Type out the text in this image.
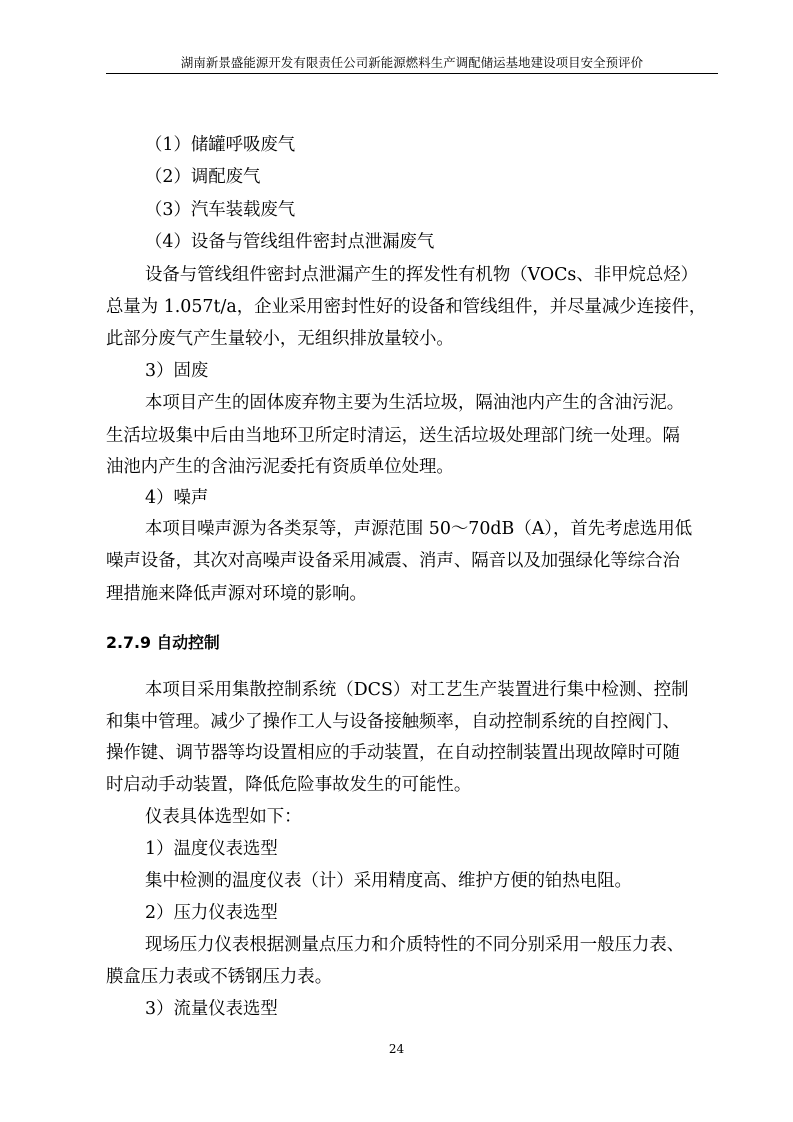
湖南新景盛能源开发有限责任公司新能源燃料生产调配储运基地建设项目安全预评价
（1）储罐呼吸废气
（2）调配废气
（3）汽车装载废气
（4）设备与管线组件密封点泄漏废气
设备与管线组件密封点泄漏产生的挥发性有机物（VOCs、非甲烷总烃）
总量为 1.057t/a，企业采用密封性好的设备和管线组件，并尽量减少连接件，
此部分废气产生量较小，无组织排放量较小。
3）固废
本项目产生的固体废弃物主要为生活垃圾，隔油池内产生的含油污泥。
生活垃圾集中后由当地环卫所定时清运，送生活垃圾处理部门统一处理。隔
油池内产生的含油污泥委托有资质单位处理。
4）噪声
本项目噪声源为各类泵等，声源范围 50～70dB（A），首先考虑选用低
噪声设备，其次对高噪声设备采用减震、消声、隔音以及加强绿化等综合治
理措施来降低声源对环境的影响。
2.7.9 自动控制
本项目采用集散控制系统（DCS）对工艺生产装置进行集中检测、控制
和集中管理。减少了操作工人与设备接触频率，自动控制系统的自控阀门、
操作键、调节器等均设置相应的手动装置，在自动控制装置出现故障时可随
时启动手动装置，降低危险事故发生的可能性。
仪表具体选型如下：
1）温度仪表选型
集中检测的温度仪表（计）采用精度高、维护方便的铂热电阻。
2）压力仪表选型
现场压力仪表根据测量点压力和介质特性的不同分别采用一般压力表、
膜盒压力表或不锈钢压力表。
3）流量仪表选型
24
